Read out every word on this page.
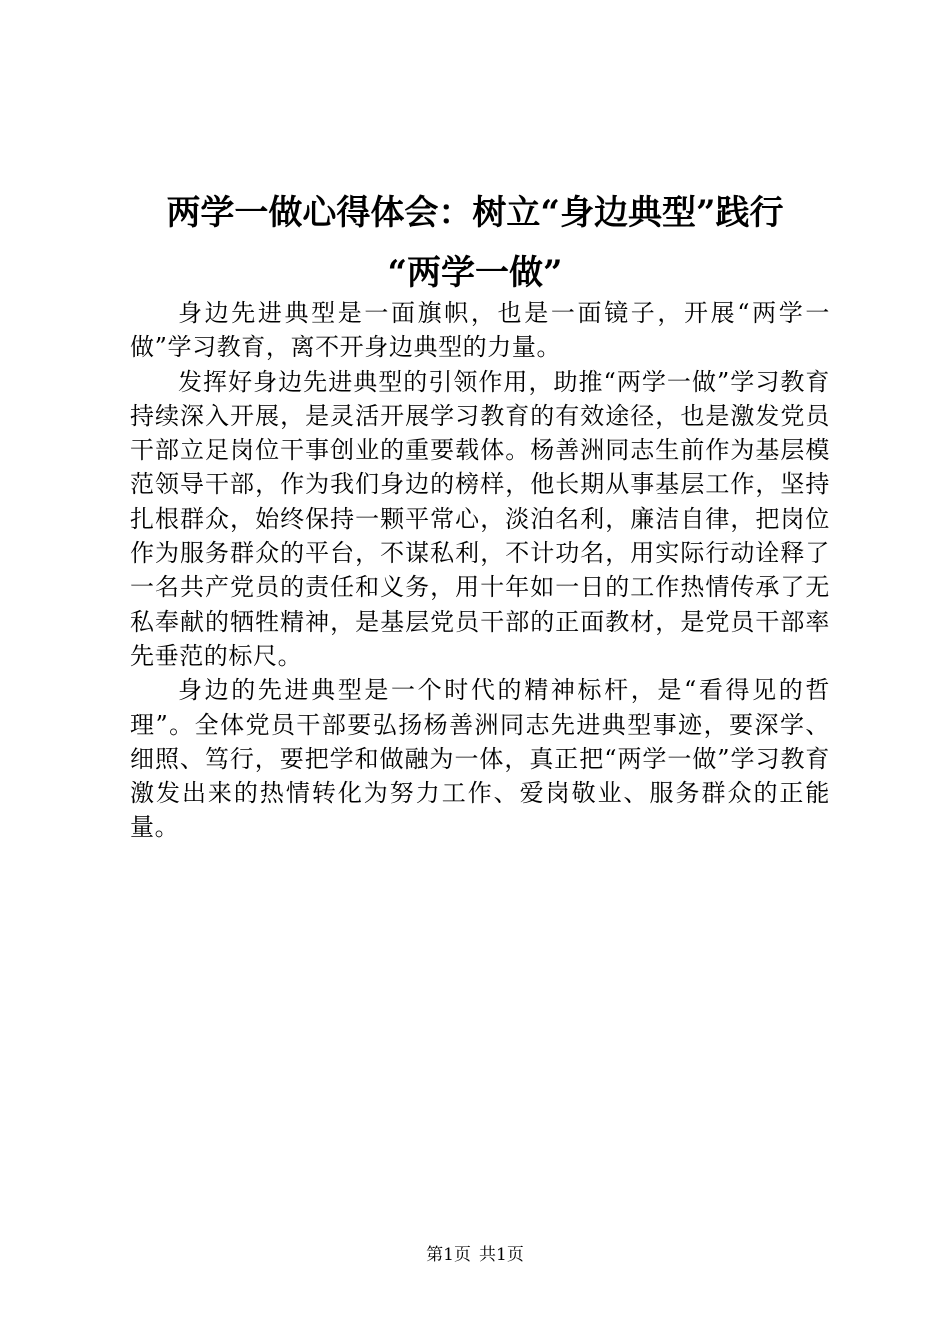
两学一做心得体会：树立“身边典型”践行
“两学一做”

身边先进典型是一面旗帜，也是一面镜子，开展“两学一做”学习教育，离不开身边典型的力量。

发挥好身边先进典型的引领作用，助推“两学一做”学习教育持续深入开展，是灵活开展学习教育的有效途径，也是激发党员干部立足岗位干事创业的重要载体。杨善洲同志生前作为基层模范领导干部，作为我们身边的榜样，他长期从事基层工作，坚持扎根群众，始终保持一颗平常心，淡泊名利，廉洁自律，把岗位作为服务群众的平台，不谋私利，不计功名，用实际行动诠释了一名共产党员的责任和义务，用十年如一日的工作热情传承了无私奉献的牺牲精神，是基层党员干部的正面教材，是党员干部率先垂范的标尺。

身边的先进典型是一个时代的精神标杆，是“看得见的哲理”。全体党员干部要弘扬杨善洲同志先进典型事迹，要深学、细照、笃行，要把学和做融为一体，真正把“两学一做”学习教育激发出来的热情转化为努力工作、爱岗敬业、服务群众的正能量。

第1页 共1页
